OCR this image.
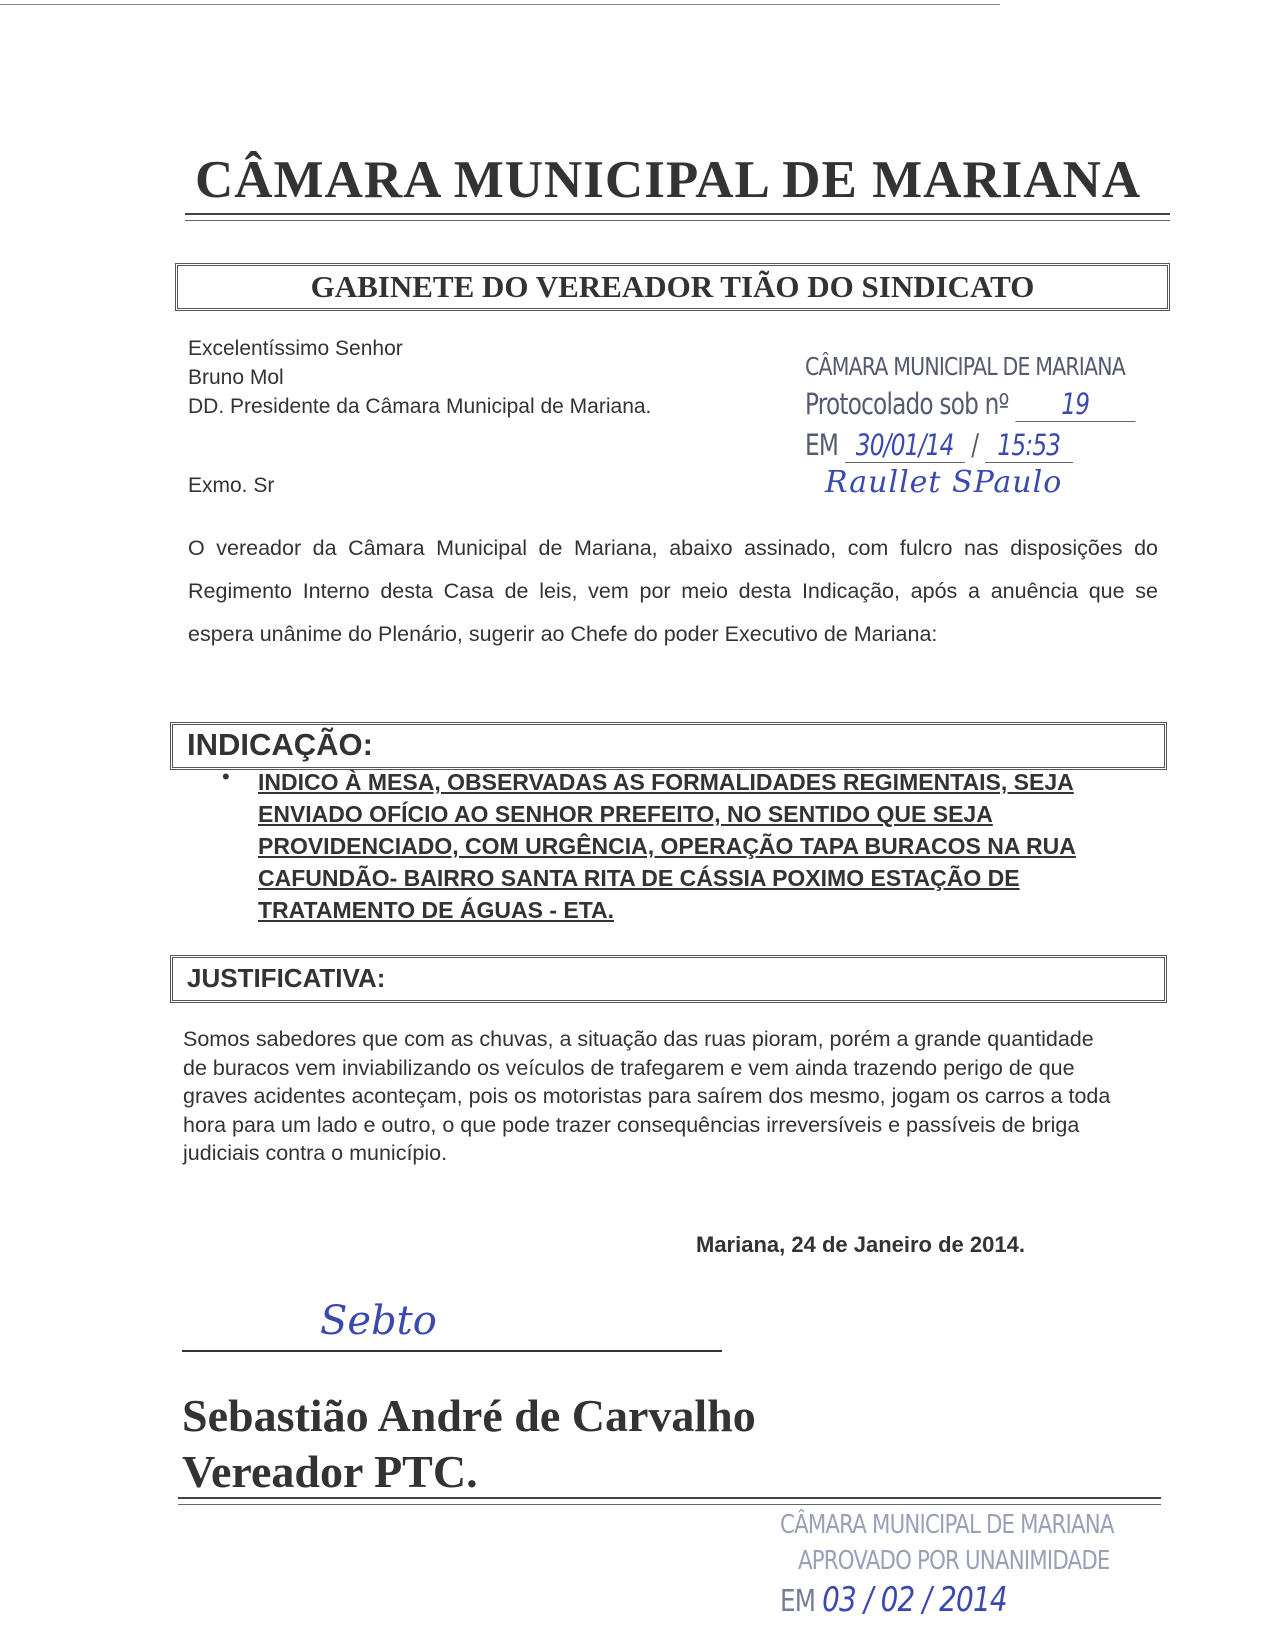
CÂMARA MUNICIPAL DE MARIANA
GABINETE DO VEREADOR TIÃO DO SINDICATO
Excelentíssimo Senhor
Bruno Mol
DD. Presidente da Câmara Municipal de Mariana.
Exmo. Sr
CÂMARA MUNICIPAL DE MARIANA
Protocolado sob nº 19
EM 30/01/14 / 15:53
Raullet SPaulo
O vereador da Câmara Municipal de Mariana, abaixo assinado, com fulcro nas disposições do Regimento Interno desta Casa de leis, vem por meio desta Indicação, após a anuência que se espera unânime do Plenário, sugerir ao Chefe do poder Executivo de Mariana:
INDICAÇÃO:
• INDICO À MESA, OBSERVADAS AS FORMALIDADES REGIMENTAIS, SEJA ENVIADO OFÍCIO AO SENHOR PREFEITO, NO SENTIDO QUE SEJA PROVIDENCIADO, COM URGÊNCIA, OPERAÇÃO TAPA BURACOS NA RUA CAFUNDÃO- BAIRRO SANTA RITA DE CÁSSIA POXIMO ESTAÇÃO DE TRATAMENTO DE ÁGUAS - ETA.
JUSTIFICATIVA:
Somos sabedores que com as chuvas, a situação das ruas pioram, porém a grande quantidade de buracos vem inviabilizando os veículos de trafegarem e vem ainda trazendo perigo de que graves acidentes aconteçam, pois os motoristas para saírem dos mesmo, jogam os carros a toda hora para um lado e outro, o que pode trazer consequências irreversíveis e passíveis de briga judiciais contra o município.
Mariana, 24 de Janeiro de 2014.
Sebto
Sebastião André de Carvalho
Vereador PTC.
CÂMARA MUNICIPAL DE MARIANA
APROVADO POR UNANIMIDADE
EM 03 / 02 / 2014
